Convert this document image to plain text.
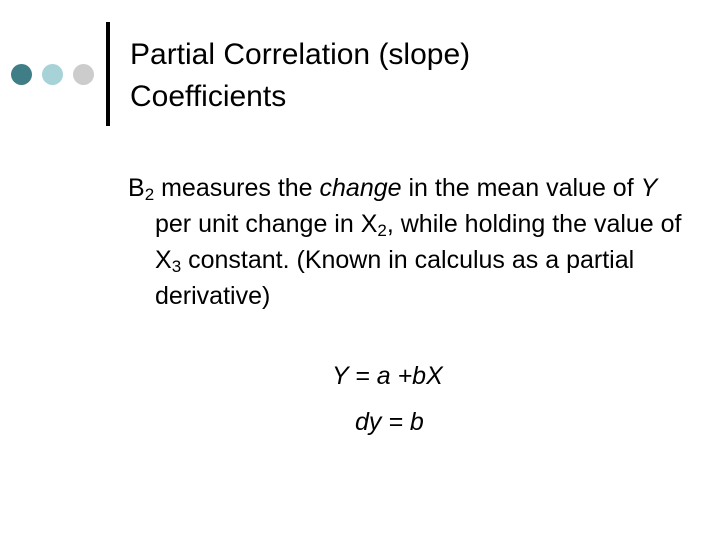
Partial Correlation (slope)
Coefficients

$B_2$ measures the change in the mean value of Y per unit change in $X_2$, while holding the value of $X_3$ constant. (Known in calculus as a partial derivative)

Y = a +bX
dy = b
